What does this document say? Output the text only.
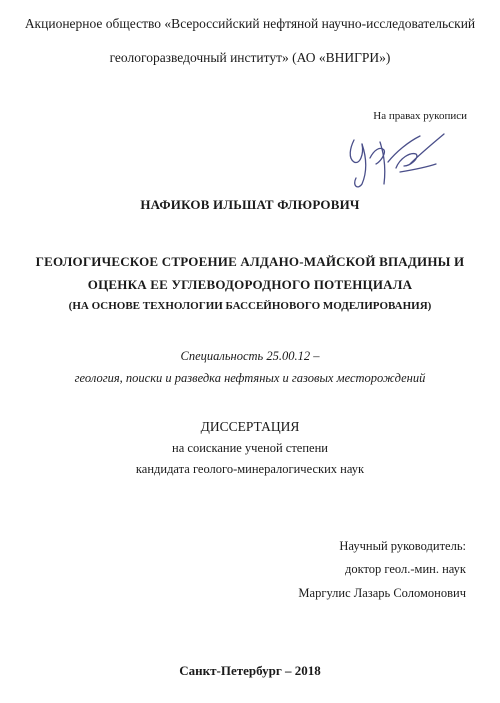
Акционерное общество «Всероссийский нефтяной научно-исследовательский
геологоразведочный институт» (АО «ВНИГРИ»)
На правах рукописи
НАФИКОВ ИЛЬШАТ ФЛЮРОВИЧ
ГЕОЛОГИЧЕСКОЕ СТРОЕНИЕ АЛДАНО-МАЙСКОЙ ВПАДИНЫ И
ОЦЕНКА ЕЕ УГЛЕВОДОРОДНОГО ПОТЕНЦИАЛА
(НА ОСНОВЕ ТЕХНОЛОГИИ БАССЕЙНОВОГО МОДЕЛИРОВАНИЯ)
Специальность 25.00.12 –
геология, поиски и разведка нефтяных и газовых месторождений
ДИССЕРТАЦИЯ
на соискание ученой степени
кандидата геолого-минералогических наук
Научный руководитель:
доктор геол.-мин. наук
Маргулис Лазарь Соломонович
Санкт-Петербург – 2018
